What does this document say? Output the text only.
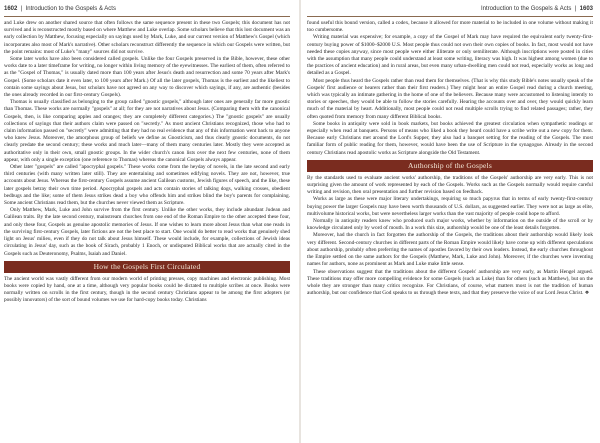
1602  |  Introduction to the Gospels & Acts

and Luke drew on another shared source that often follows the same sequence present in these two Gospels; this document has not survived and is reconstructed mostly based on where Matthew and Luke overlap. Some scholars believe that this lost document was an early collection by Matthew, focusing especially on sayings used by Mark, Luke, and our current version of Matthew's Gospel (which incorporates also most of Mark's narrative). Other scholars reconstruct differently the sequence in which our Gospels were written, but the point remains: most of Luke's "many" sources did not survive.

Some later works have also been considered called gospels. Unlike the four Gospels preserved in the Bible, however, these other works date to a later timeframe for writing, no longer within living memory of the eyewitnesses. The earliest of them, often referred to as the "Gospel of Thomas," is usually dated more than 100 years after Jesus's death and resurrection and some 70 years after Mark's Gospel. (Some scholars date it even later, to 100 years after Mark.) Of all the later gospels, Thomas is the earliest and the likeliest to contain some sayings about Jesus, but scholars have not agreed on any way to discover which sayings, if any, are authentic (besides the ones already recorded in our first-century Gospels).

Thomas is usually classified as belonging to the group called "gnostic gospels," although later ones are generally far more gnostic than Thomas. These works are normally "gospels" at all; for they are not narratives about Jesus. (Comparing them with the canonical Gospels, then, is like comparing apples and oranges; they are completely different categories.) The "gnostic gospels" are usually collections of sayings that their authors claim were passed on "secretly." As most ancient Christians recognized, those who had to claim information passed on "secretly" were admitting that they had no real evidence that any of this information went back to anyone who knew Jesus. Moreover, the amorphous group of beliefs we define as Gnosticism, and thus clearly gnostic documents, do not clearly predate the second century; these works and much later—many of them many centuries later. Mostly they were accepted as authoritative only in their own, small gnostic groups. In the wider church's canon lists over the next few centuries, none of them appear, with only a single exception (one reference to Thomas) whereas the canonical Gospels always appear.

Other later "gospels" are called "apocryphal gospels." These works come from the heyday of novels, in the late second and early third centuries (with many written later still). They are entertaining and sometimes edifying novels. They are not, however, true accounts about Jesus. Whereas the first-century Gospels assume ancient Galilean customs, Jewish figures of speech, and the like, these later gospels betray their own time period. Apocryphal gospels and acts contain stories of talking dogs, walking crosses, obedient bedbugs and the like; some of them Jesus strikes dead a boy who offends him and strikes blind the boy's parents for complaining. Some ancient Christians read them, but the churches never viewed them as Scripture.

Only Matthew, Mark, Luke and John survive from the first century. Unlike the other works, they include abundant Judean and Galilean traits. By the late second century, mainstream churches from one end of the Roman Empire to the other accepted these four, and only these four, Gospels as genuine apostolic memories of Jesus. If one wishes to learn more about Jesus than what one reads in the surviving first-century Gospels, later fictions are not the best place to start. One would do better to read works that genuinely shed light on Jesus' milieu, even if they do not talk about Jesus himself. These would include, for example, collections of Jewish ideas circulating in Jesus' day, such as the book of Sirach, probably 1 Enoch, or undisputed Biblical works that are actually cited in the Gospels such as Deuteronomy, Psalms, Isaiah and Daniel.

How the Gospels First Circulated

The ancient world was vastly different from our modern world of printing presses, copy machines and electronic publishing. Most books were copied by hand, one at a time, although very popular books could be dictated to multiple scribes at once. Books were normally written on scrolls in the first century, though in the second century Christians appear to be among the first adopters (or possibly innovators) of the sort of bound volumes we use for hard-copy books today. Christians

Introduction to the Gospels & Acts  |  1603

found useful this bound version, called a codex, because it allowed for more material to be included in one volume without making it too cumbersome.

Writing material was expensive; for example, a copy of the Gospel of Mark may have required the equivalent early twenty-first-century buying power of $1000–$2000 U.S. Most people thus could not own their own copies of books. In fact, most would not have needed these copies anyway, since most people were either illiterate or only semiliterate. Although inscriptions were posted in cities with the assumption that many people could understand at least some writing, literacy was high. It was highest among women (due to the practices of ancient education) and in rural areas, but even many urban-dwelling men could not read, especially works as long and detailed as a Gospel.

Most people thus heard the Gospels rather than read them for themselves. (That is why this study Bible's notes usually speak of the Gospels' first audience or hearers rather than their first readers.) They might hear an entire Gospel read during a church meeting, which was typically an intimate gathering in the home of one of the believers. Because many were accustomed to listening intently to stories or speeches, they would be able to follow the stories carefully. Hearing the accounts over and over, they would quickly learn much of the material by heart. Additionally, most people could not read multiple scrolls trying to find related passages; rather, they often quoted from memory from many different Biblical books.

Some books in antiquity were sold in book markets, but books achieved the greatest circulation when sympathetic readings or especially when read at banquets. Persons of means who liked a book they heard could have a scribe write out a new copy for them. Because early Christians met around the Lord's Supper, they also had a banquet setting for the reading of the Gospels. The most familiar form of public reading for them, however, would have been the use of Scripture in the synagogue. Already in the second century Christians read apostolic works as Scripture alongside the Old Testament.

Authorship of the Gospels

By the standards used to evaluate ancient works' authorship, the traditions of the Gospels' authorship are very early. This is not surprising given the amount of work represented by each of the Gospels. Works such as the Gospels normally would require careful writing and revision, then oral presentation and further revision based on feedback.

Works as large as these were major literary undertakings, requiring so much papyrus that in terms of early twenty-first-century buying power the larger Gospels may have been worth thousands of U.S. dollars, as suggested earlier. They were not as large as elite, multivolume historical works, but were nevertheless larger works than the vast majority of people could hope to afford.

Normally in antiquity readers knew who produced such major works, whether by information on the outside of the scroll or by knowledge circulated only by word of mouth. In a work this size, authorship would be one of the least details forgotten.

Moreover, had the church in fact forgotten the authorship of the Gospels, the traditions about their authorship would likely look very different. Second-century churches in different parts of the Roman Empire would likely have come up with different speculations about authorship, probably often preferring the names of apostles favored by their own leaders. Instead, the early churches throughout the Empire settled on the same authors for the Gospels (Matthew, Mark, Luke and John). Moreover, if the churches were inventing names for authors, none as prominent as Mark and Luke make little sense.

These observations suggest that the traditions about the different Gospels' authorship are very early, as Martin Hengel argued. These traditions may offer more compelling evidence for some Gospels (such as Luke) than for others (such as Matthew), but on the whole they are stronger than many critics recognize. For Christians, of course, what matters most is not the tradition of human authorship, but our confidence that God speaks to us through these texts, and that they preserve the voice of our Lord Jesus Christ. ❖
